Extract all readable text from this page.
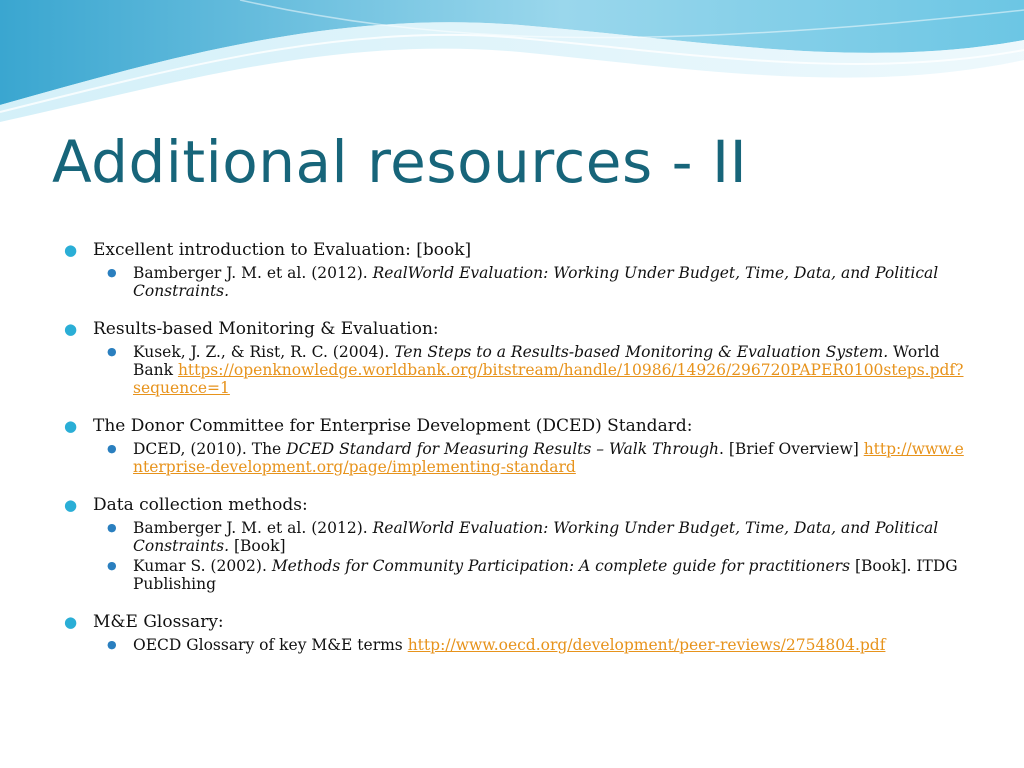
Additional resources - II
● Excellent introduction to Evaluation: [book]
● Bamberger J. M. et al. (2012). RealWorld Evaluation: Working Under Budget, Time, Data, and Political Constraints.
● Results-based Monitoring & Evaluation:
● Kusek, J. Z., & Rist, R. C. (2004). Ten Steps to a Results-based Monitoring & Evaluation System. World Bank https://openknowledge.worldbank.org/bitstream/handle/10986/14926/296720PAPER0100steps.pdf?sequence=1
● The Donor Committee for Enterprise Development (DCED) Standard:
● DCED, (2010). The DCED Standard for Measuring Results – Walk Through. [Brief Overview] http://www.enterprise-development.org/page/implementing-standard
● Data collection methods:
● Bamberger J. M. et al. (2012). RealWorld Evaluation: Working Under Budget, Time, Data, and Political Constraints. [Book]
● Kumar S. (2002). Methods for Community Participation: A complete guide for practitioners [Book]. ITDG Publishing
● M&E Glossary:
● OECD Glossary of key M&E terms http://www.oecd.org/development/peer-reviews/2754804.pdf
